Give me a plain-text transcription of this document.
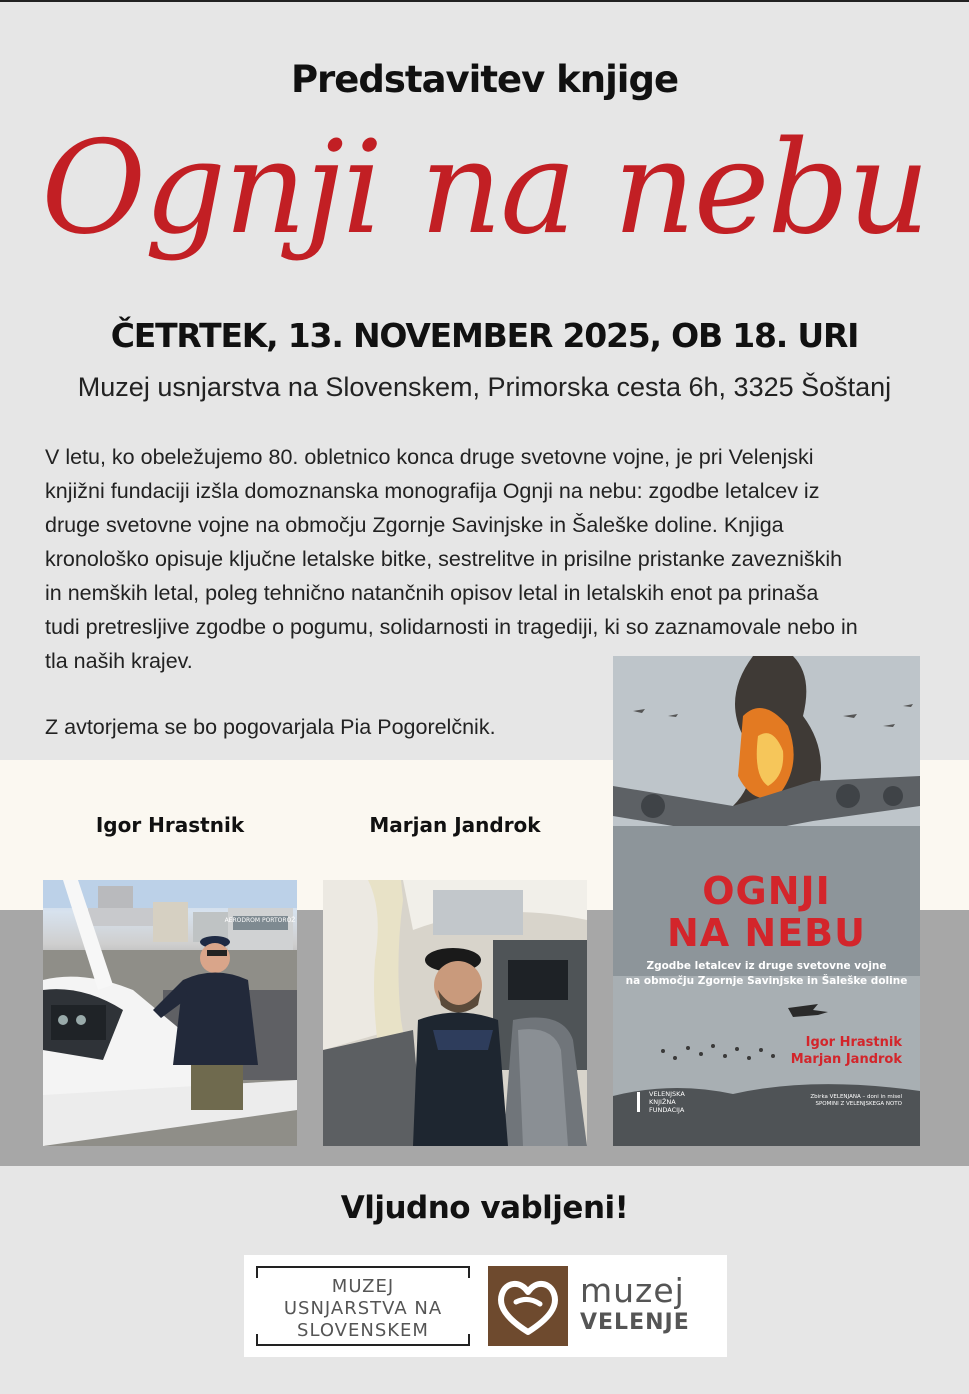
Predstavitev knjige
Ognji na nebu
ČETRTEK, 13. NOVEMBER 2025, OB 18. URI
Muzej usnjarstva na Slovenskem, Primorska cesta 6h, 3325 Šoštanj

V letu, ko obeležujemo 80. obletnico konca druge svetovne vojne, je pri Velenjski
knjižni fundaciji izšla domoznanska monografija Ognji na nebu: zgodbe letalcev iz
druge svetovne vojne na območju Zgornje Savinjske in Šaleške doline. Knjiga
kronološko opisuje ključne letalske bitke, sestrelitve in prisilne pristanke zavezniških
in nemških letal, poleg tehnično natančnih opisov letal in letalskih enot pa prinaša
tudi pretresljive zgodbe o pogumu, solidarnosti in tragediji, ki so zaznamovale nebo in
tla naših krajev.

Z avtorjema se bo pogovarjala Pia Pogorelčnik.

Igor Hrastnik	Marjan Jandrok
AERODROM PORTOROŽ
OGNJI
NA NEBU
Zgodbe letalcev iz druge svetovne vojne
na območju Zgornje Savinjske in Šaleške doline
Igor Hrastnik
Marjan Jandrok
VELENJSKA KNJIŽNA FUNDACIJA
Zbirka VELENJANA – doni in misel
SPOMINI Z VELENJSKEGA NOTO
Vljudno vabljeni!
MUZEJ
USNJARSTVA NA
SLOVENSKEM
muzej
VELENJE
